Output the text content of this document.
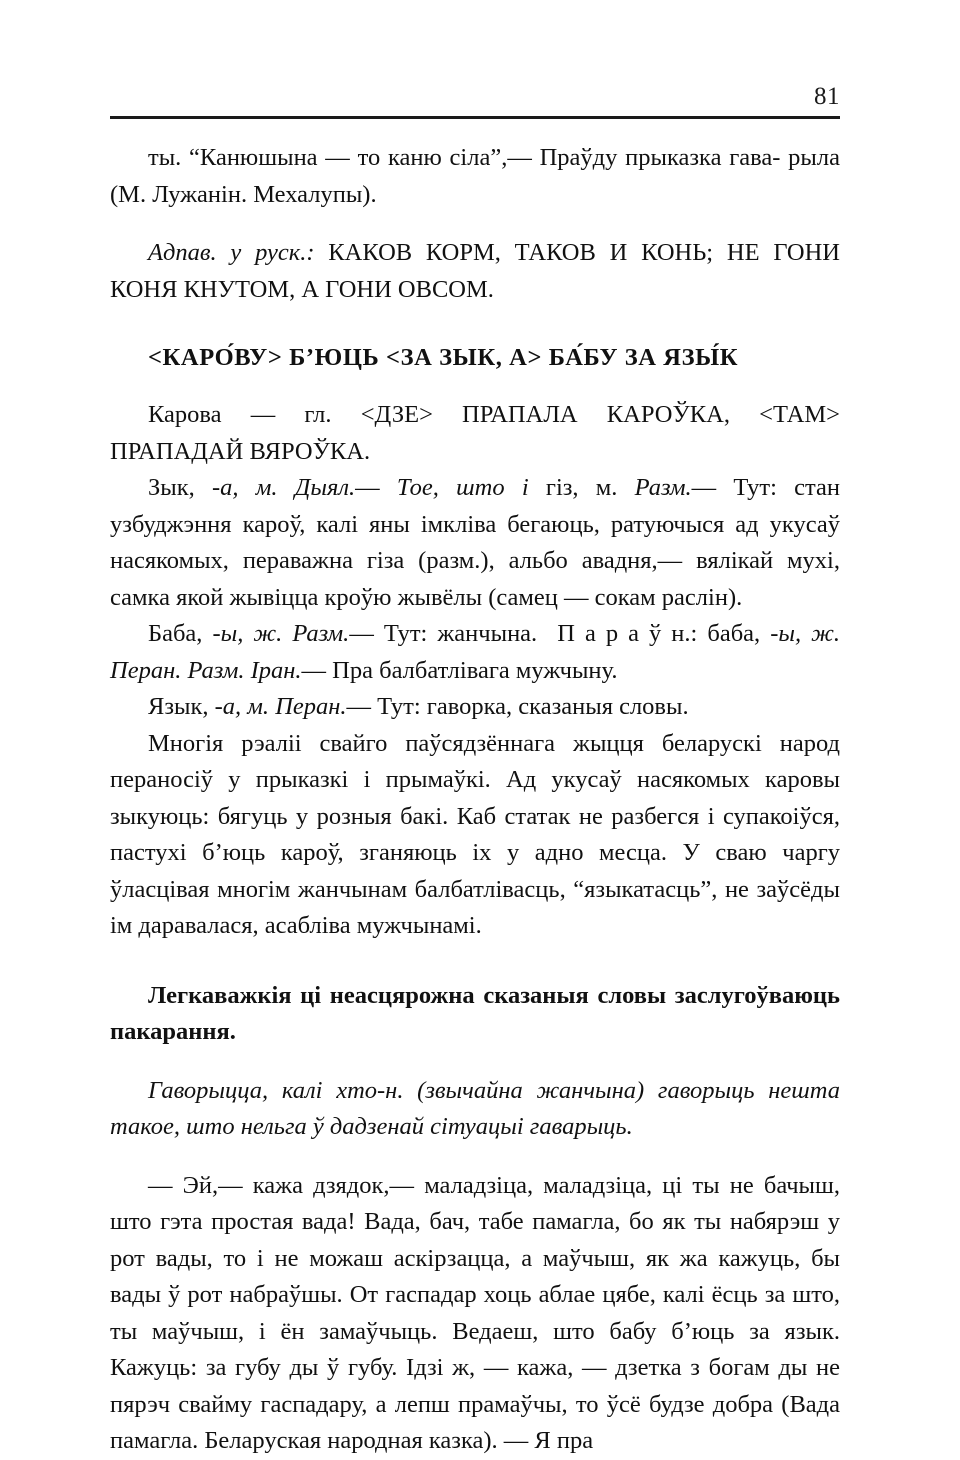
81

ты. “Канюшына — то каню сіла”,— Праўду прыказка гава- рыла (М. Лужанін. Мехалупы).

Адпав. у руск.: КАКОВ КОРМ, ТАКОВ И КОНЬ; НЕ ГОНИ КОНЯ КНУТОМ, А ГОНИ ОВСОМ.

<КАРО́ВУ> Б’ЮЦЬ <ЗА ЗЫК, А> БА́БУ ЗА ЯЗЫ́К

Карова — гл. <ДЗЕ> ПРАПАЛА КАРОЎКА, <ТАМ> ПРАПАДАЙ ВЯРОЎКА.

Зык, -а, м. Дыял.— Тое, што і гіз, м. Разм.— Тут: стан узбуджэння кароў, калі яны імкліва бегаюць, ратуючыся ад укусаў насякомых, пераважна гіза (разм.), альбо авадня,— вялікай мухі, самка якой жывіцца кроўю жывёлы (самец — сокам раслін).

Баба, -ы, ж. Разм.— Тут: жанчына. П а р а ў н.: баба, -ы, ж. Перан. Разм. Іран.— Пра балбатлівага мужчыну.

Язык, -а, м. Перан.— Тут: гаворка, сказаныя словы.

Многія рэаліі свайго паўсядзённага жыцця беларускі народ пераносіў у прыказкі і прымаўкі. Ад укусаў насякомых каровы зыкуюць: бягуць у розныя бакі. Каб статак не разбегся і супакоіўся, пастухі б’юць кароў, зганяюць іх у адно месца. У сваю чаргу ўласцівая многім жанчынам балбатлівасць, “языкатасць”, не заўсёды ім даравалася, асабліва мужчынамі.

Легкаважкія ці неасцярожна сказаныя словы заслугоўваюць пакарання.

Гаворыцца, калі хто-н. (звычайна жанчына) гаворыць нешта такое, што нельга ў дадзенай сітуацыі гаварыць.

— Эй,— кажа дзядок,— маладзіца, маладзіца, ці ты не бачыш, што гэта простая вада! Вада, бач, табе памагла, бо як ты набярэш у рот вады, то і не можаш аскірзацца, а маўчыш, як жа кажуць, бы вады ў рот набраўшы. От гаспадар хоць аблае цябе, калі ёсць за што, ты маўчыш, і ён замаўчыць. Ведаеш, што бабу б’юць за язык. Кажуць: за губу ды ў губу. Ідзі ж, — кажа, — дзетка з богам ды не пярэч свайму гаспадару, а лепш прамаўчы, то ўсё будзе добра (Вада памагла. Беларуская народная казка). — Я пра
